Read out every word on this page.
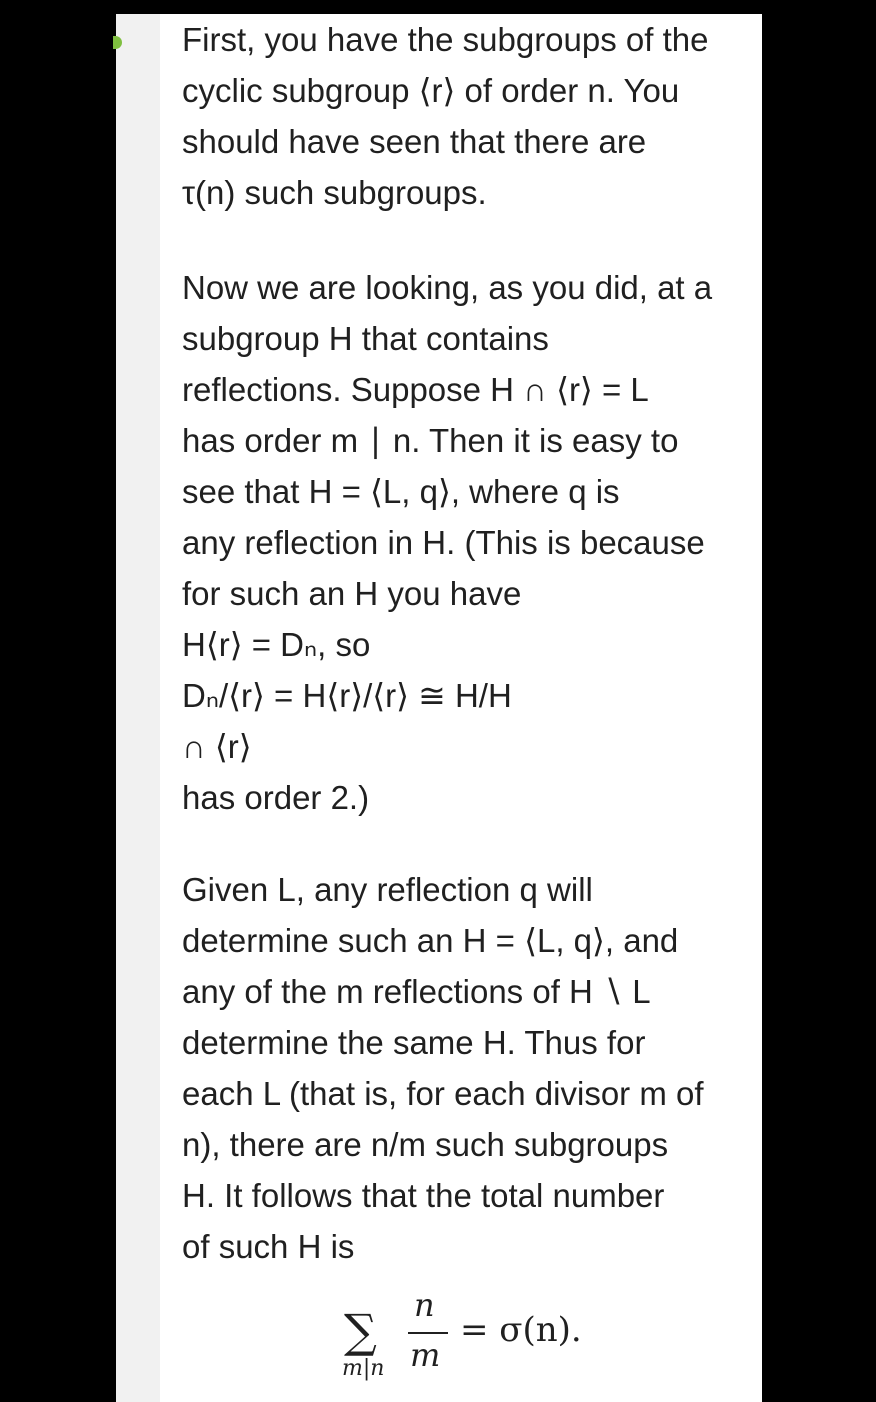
First, you have the subgroups of the
cyclic subgroup ⟨r⟩ of order n. You
should have seen that there are
τ(n) such subgroups.
Now we are looking, as you did, at a
subgroup H that contains
reflections. Suppose H ∩ ⟨r⟩ = L
has order m ∣ n. Then it is easy to
see that H = ⟨L, q⟩, where q is
any reflection in H. (This is because
for such an H you have
H⟨r⟩ = Dₙ, so
Dₙ/⟨r⟩ = H⟨r⟩/⟨r⟩ ≅ H/H
∩ ⟨r⟩
has order 2.)
Given L, any reflection q will
determine such an H = ⟨L, q⟩, and
any of the m reflections of H ∖ L
determine the same H. Thus for
each L (that is, for each divisor m of
n), there are n/m such subgroups
H. It follows that the total number
of such H is
∑
m|n
n
m
= σ(n).
